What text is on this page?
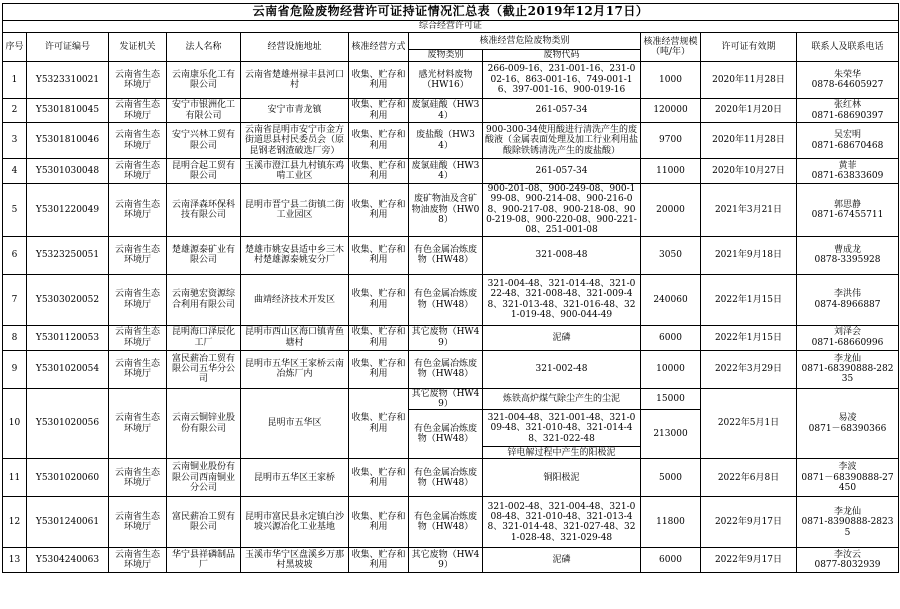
云南省危险废物经营许可证持证情况汇总表（截止2019年12月17日）										
综合经营许可证										
序号	许可证编号	发证机关	法人名称	经营设施地址	核准经营方式	核准经营危险废物类别		核准经营规模（吨/年）	许可证有效期	联系人及联系电话
						废物类别	废物代码			
1	Y5323310021	云南省生态环境厅	云南康乐化工有限公司	云南省楚雄州禄丰县河口村	收集、贮存和利用	感光材料废物（HW16）	266-009-16、231-001-16、231-002-16、863-001-16、749-001-16、397-001-16、900-019-16	1000	2020年11月28日	朱荣华
0878-64605927

2	Y5301810045	云南省生态环境厅	安宁市银洲化工有限公司	安宁市青龙镇	收集、贮存和利用	废氯硅酸（HW34）	261-057-34	120000	2020年1月20日	张红林
0871-68690397

3	Y5301810046	云南省生态环境厅	安宁兴林工贸有限公司	云南省昆明市安宁市金方街道思县村民委员会（原昆钢老钢渣破选厂旁）	收集、贮存和利用	废盐酸（HW34）	900-300-34使用酸进行清洗产生的废酸液（金属表面处理及加工行业利用盐酸除铁锈清洗产生的废盐酸）	9700	2020年11月28日	吴宏明
0871-68670468

4	Y5301030048	云南省生态环境厅	昆明合起工贸有限公司	玉溪市澄江县九村镇东鸡啃工业区	收集、贮存和利用	废氯硅酸（HW34）	261-057-34	11000	2020年10月27日	黄菲
0871-63833609

5	Y5301220049	云南省生态环境厅	云南泽森环保科技有限公司	昆明市晋宁县二街镇二街工业园区	收集、贮存和利用	废矿物油及含矿物油废物（HW08）	900-201-08、900-249-08、900-199-08、900-214-08、900-216-08、900-217-08、900-218-08、900-219-08、900-220-08、900-221-08、251-001-08	20000	2021年3月21日	郭思静
0871-67455711

6	Y5323250051	云南省生态环境厅	楚雄源泰矿业有限公司	楚雄市姚安县适中乡三木村楚雄源泰姚安分厂	收集、贮存和利用	有色金属冶炼废物（HW48）	321-008-48	3050	2021年9月18日	曹成龙
0878-3395928

7	Y5303020052	云南省生态环境厅	云南驰宏资源综合利用有限公司	曲靖经济技术开发区	收集、贮存和利用	有色金属冶炼废物（HW48）	321-004-48、321-014-48、321-022-48、321-008-48、321-009-48、321-013-48、321-016-48、321-019-48、900-044-49	240060	2022年1月15日	李洪伟
0874-8966887

8	Y5301120053	云南省生态环境厅	昆明海口泽辰化工厂	昆明市西山区海口镇青鱼塘村	收集、贮存和利用	其它废物（HW49）	泥磷	6000	2022年1月15日	刘泽会
0871-68660996

9	Y5301020054	云南省生态环境厅	富民薪冶工贸有限公司五华分公司	昆明市五华区王家桥云南冶炼厂内	收集、贮存和利用	有色金属冶炼废物（HW48）	321-002-48	10000	2022年3月29日	李龙仙
0871-68390888-28235

10	Y5301020056	云南省生态环境厅	云南云铜锌业股份有限公司	昆明市五华区	收集、贮存和利用	其它废物（HW49）	炼铁高炉煤气除尘产生的尘泥	15000	2022年5月1日	易凌
0871－68390366

						有色金属冶炼废物（HW48）	321-004-48、321-001-48、321-009-48、321-010-48、321-014-48、321-022-48	213000		
							锌电解过程中产生的阳极泥			
11	Y5301020060	云南省生态环境厅	云南铜业股份有限公司西南铜业分公司	昆明市五华区王家桥	收集、贮存和利用	有色金属冶炼废物（HW48）	铜阳极泥	5000	2022年6月8日	李波
0871－68390888-27450

12	Y5301240061	云南省生态环境厅	富民薪冶工贸有限公司	昆明市富民县永定镇白沙坡兴源冶化工业基地	收集、贮存和利用	有色金属冶炼废物（HW48）	321-002-48、321-004-48、321-008-48、321-010-48、321-013-48、321-014-48、321-027-48、321-028-48、321-029-48	11800	2022年9月17日	李龙仙
0871-8390888-28235

13	Y5304240063	云南省生态环境厅	华宁县祥磷制品厂	玉溪市华宁区盘溪乡万那村黑坡坡	收集、贮存和利用	其它废物（HW49）	泥磷	6000	2022年9月17日	李汝云
0877-8032939
